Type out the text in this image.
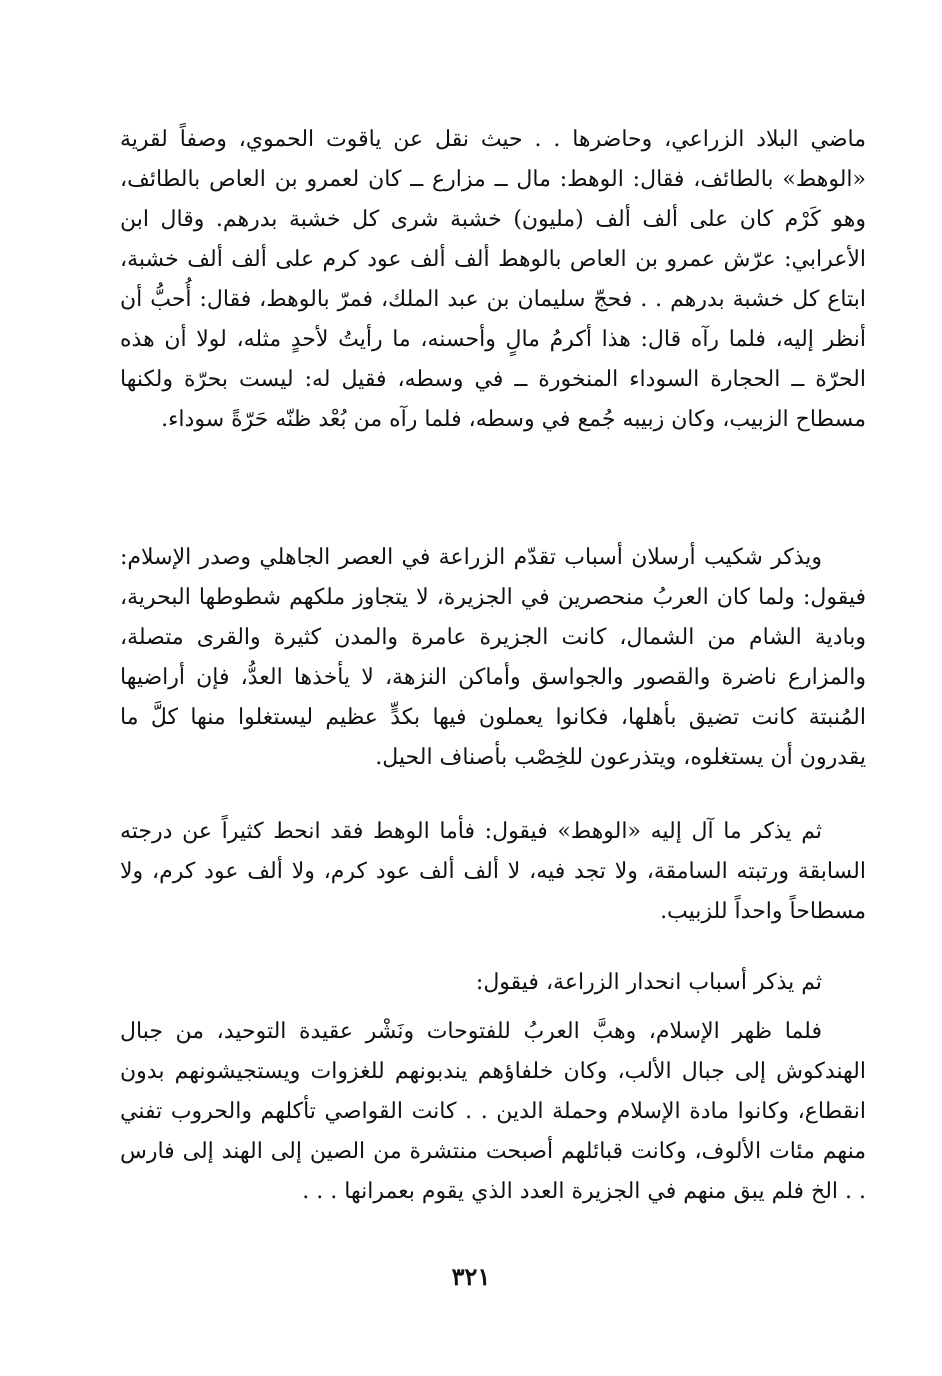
ماضي البلاد الزراعي، وحاضرها . . حيث نقل عن ياقوت الحموي، وصفاً لقرية «الوهط» بالطائف، فقال: الوهط: مال ــ مزارع ــ كان لعمرو بن العاص بالطائف، وهو كَرْم كان على ألف ألف (مليون) خشبة شرى كل خشبة بدرهم. وقال ابن الأعرابي: عرّش عمرو بن العاص بالوهط ألف ألف عود كرم على ألف ألف خشبة، ابتاع كل خشبة بدرهم . . فحجّ سليمان بن عبد الملك، فمرّ بالوهط، فقال: أُحبُّ أن أنظر إليه، فلما رآه قال: هذا أكرمُ مالٍ وأحسنه، ما رأيتُ لأحدٍ مثله، لولا أن هذه الحرّة ــ الحجارة السوداء المنخورة ــ في وسطه، فقيل له: ليست بحرّة ولكنها مسطاح الزبيب، وكان زبيبه جُمع في وسطه، فلما رآه من بُعْد ظنّه حَرّةً سوداء.

ويذكر شكيب أرسلان أسباب تقدّم الزراعة في العصر الجاهلي وصدر الإسلام: فيقول: ولما كان العربُ منحصرين في الجزيرة، لا يتجاوز ملكهم شطوطها البحرية، وبادية الشام من الشمال، كانت الجزيرة عامرة والمدن كثيرة والقرى متصلة، والمزارع ناضرة والقصور والجواسق وأماكن النزهة، لا يأخذها العدُّ، فإن أراضيها المُنبتة كانت تضيق بأهلها، فكانوا يعملون فيها بكدٍّ عظيم ليستغلوا منها كلَّ ما يقدرون أن يستغلوه، ويتذرعون للخِصْب بأصناف الحيل.

ثم يذكر ما آل إليه «الوهط» فيقول: فأما الوهط فقد انحط كثيراً عن درجته السابقة ورتبته السامقة، ولا تجد فيه، لا ألف ألف عود كرم، ولا ألف عود كرم، ولا مسطاحاً واحداً للزبيب.

ثم يذكر أسباب انحدار الزراعة، فيقول:

فلما ظهر الإسلام، وهبَّ العربُ للفتوحات ونَشْر عقيدة التوحيد، من جبال الهندكوش إلى جبال الألب، وكان خلفاؤهم يندبونهم للغزوات ويستجيشونهم بدون انقطاع، وكانوا مادة الإسلام وحملة الدين . . كانت القواصي تأكلهم والحروب تفني منهم مئات الألوف، وكانت قبائلهم أصبحت منتشرة من الصين إلى الهند إلى فارس . . الخ فلم يبق منهم في الجزيرة العدد الذي يقوم بعمرانها . . .

٣٢١
